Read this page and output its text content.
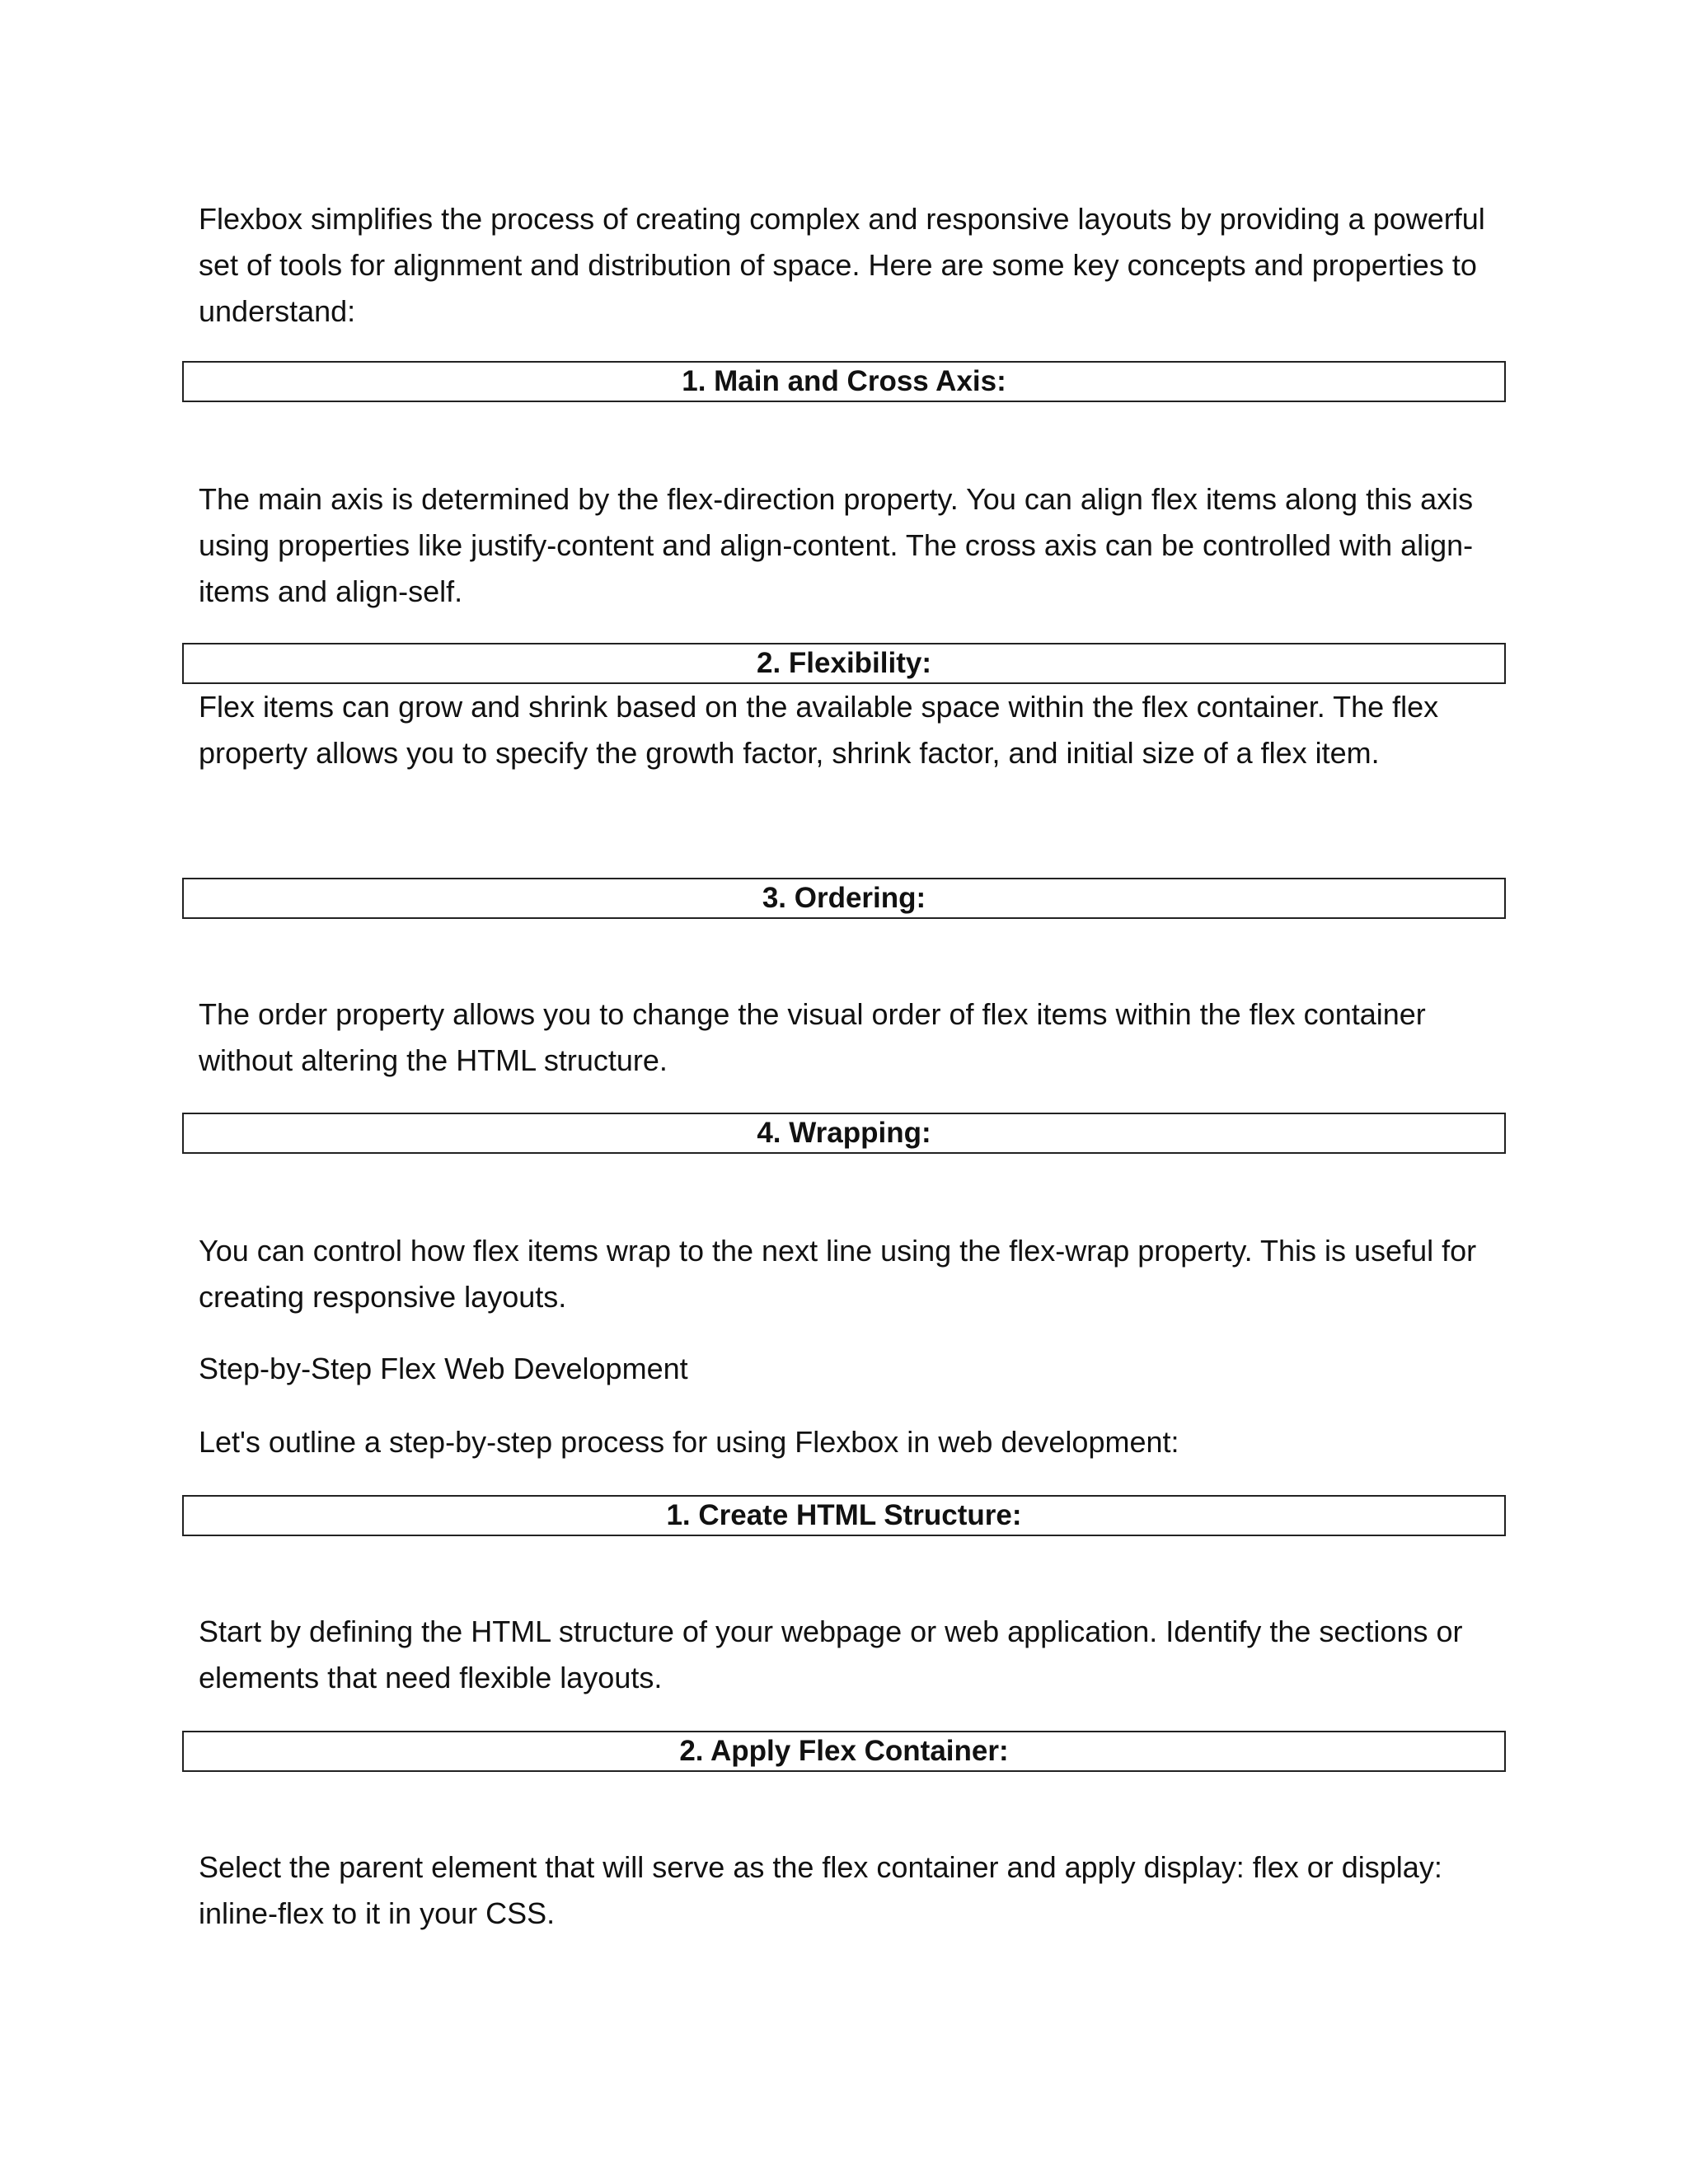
Flexbox simplifies the process of creating complex and responsive layouts by providing a powerful set of tools for alignment and distribution of space. Here are some key concepts and properties to understand:

1. Main and Cross Axis:

The main axis is determined by the flex-direction property. You can align flex items along this axis using properties like justify-content and align-content. The cross axis can be controlled with align-items and align-self.

2. Flexibility:

Flex items can grow and shrink based on the available space within the flex container. The flex property allows you to specify the growth factor, shrink factor, and initial size of a flex item.

3. Ordering:

The order property allows you to change the visual order of flex items within the flex container without altering the HTML structure.

4. Wrapping:

You can control how flex items wrap to the next line using the flex-wrap property. This is useful for creating responsive layouts.

Step-by-Step Flex Web Development

Let's outline a step-by-step process for using Flexbox in web development:

1. Create HTML Structure:

Start by defining the HTML structure of your webpage or web application. Identify the sections or elements that need flexible layouts.

2. Apply Flex Container:

Select the parent element that will serve as the flex container and apply display: flex or display: inline-flex to it in your CSS.
